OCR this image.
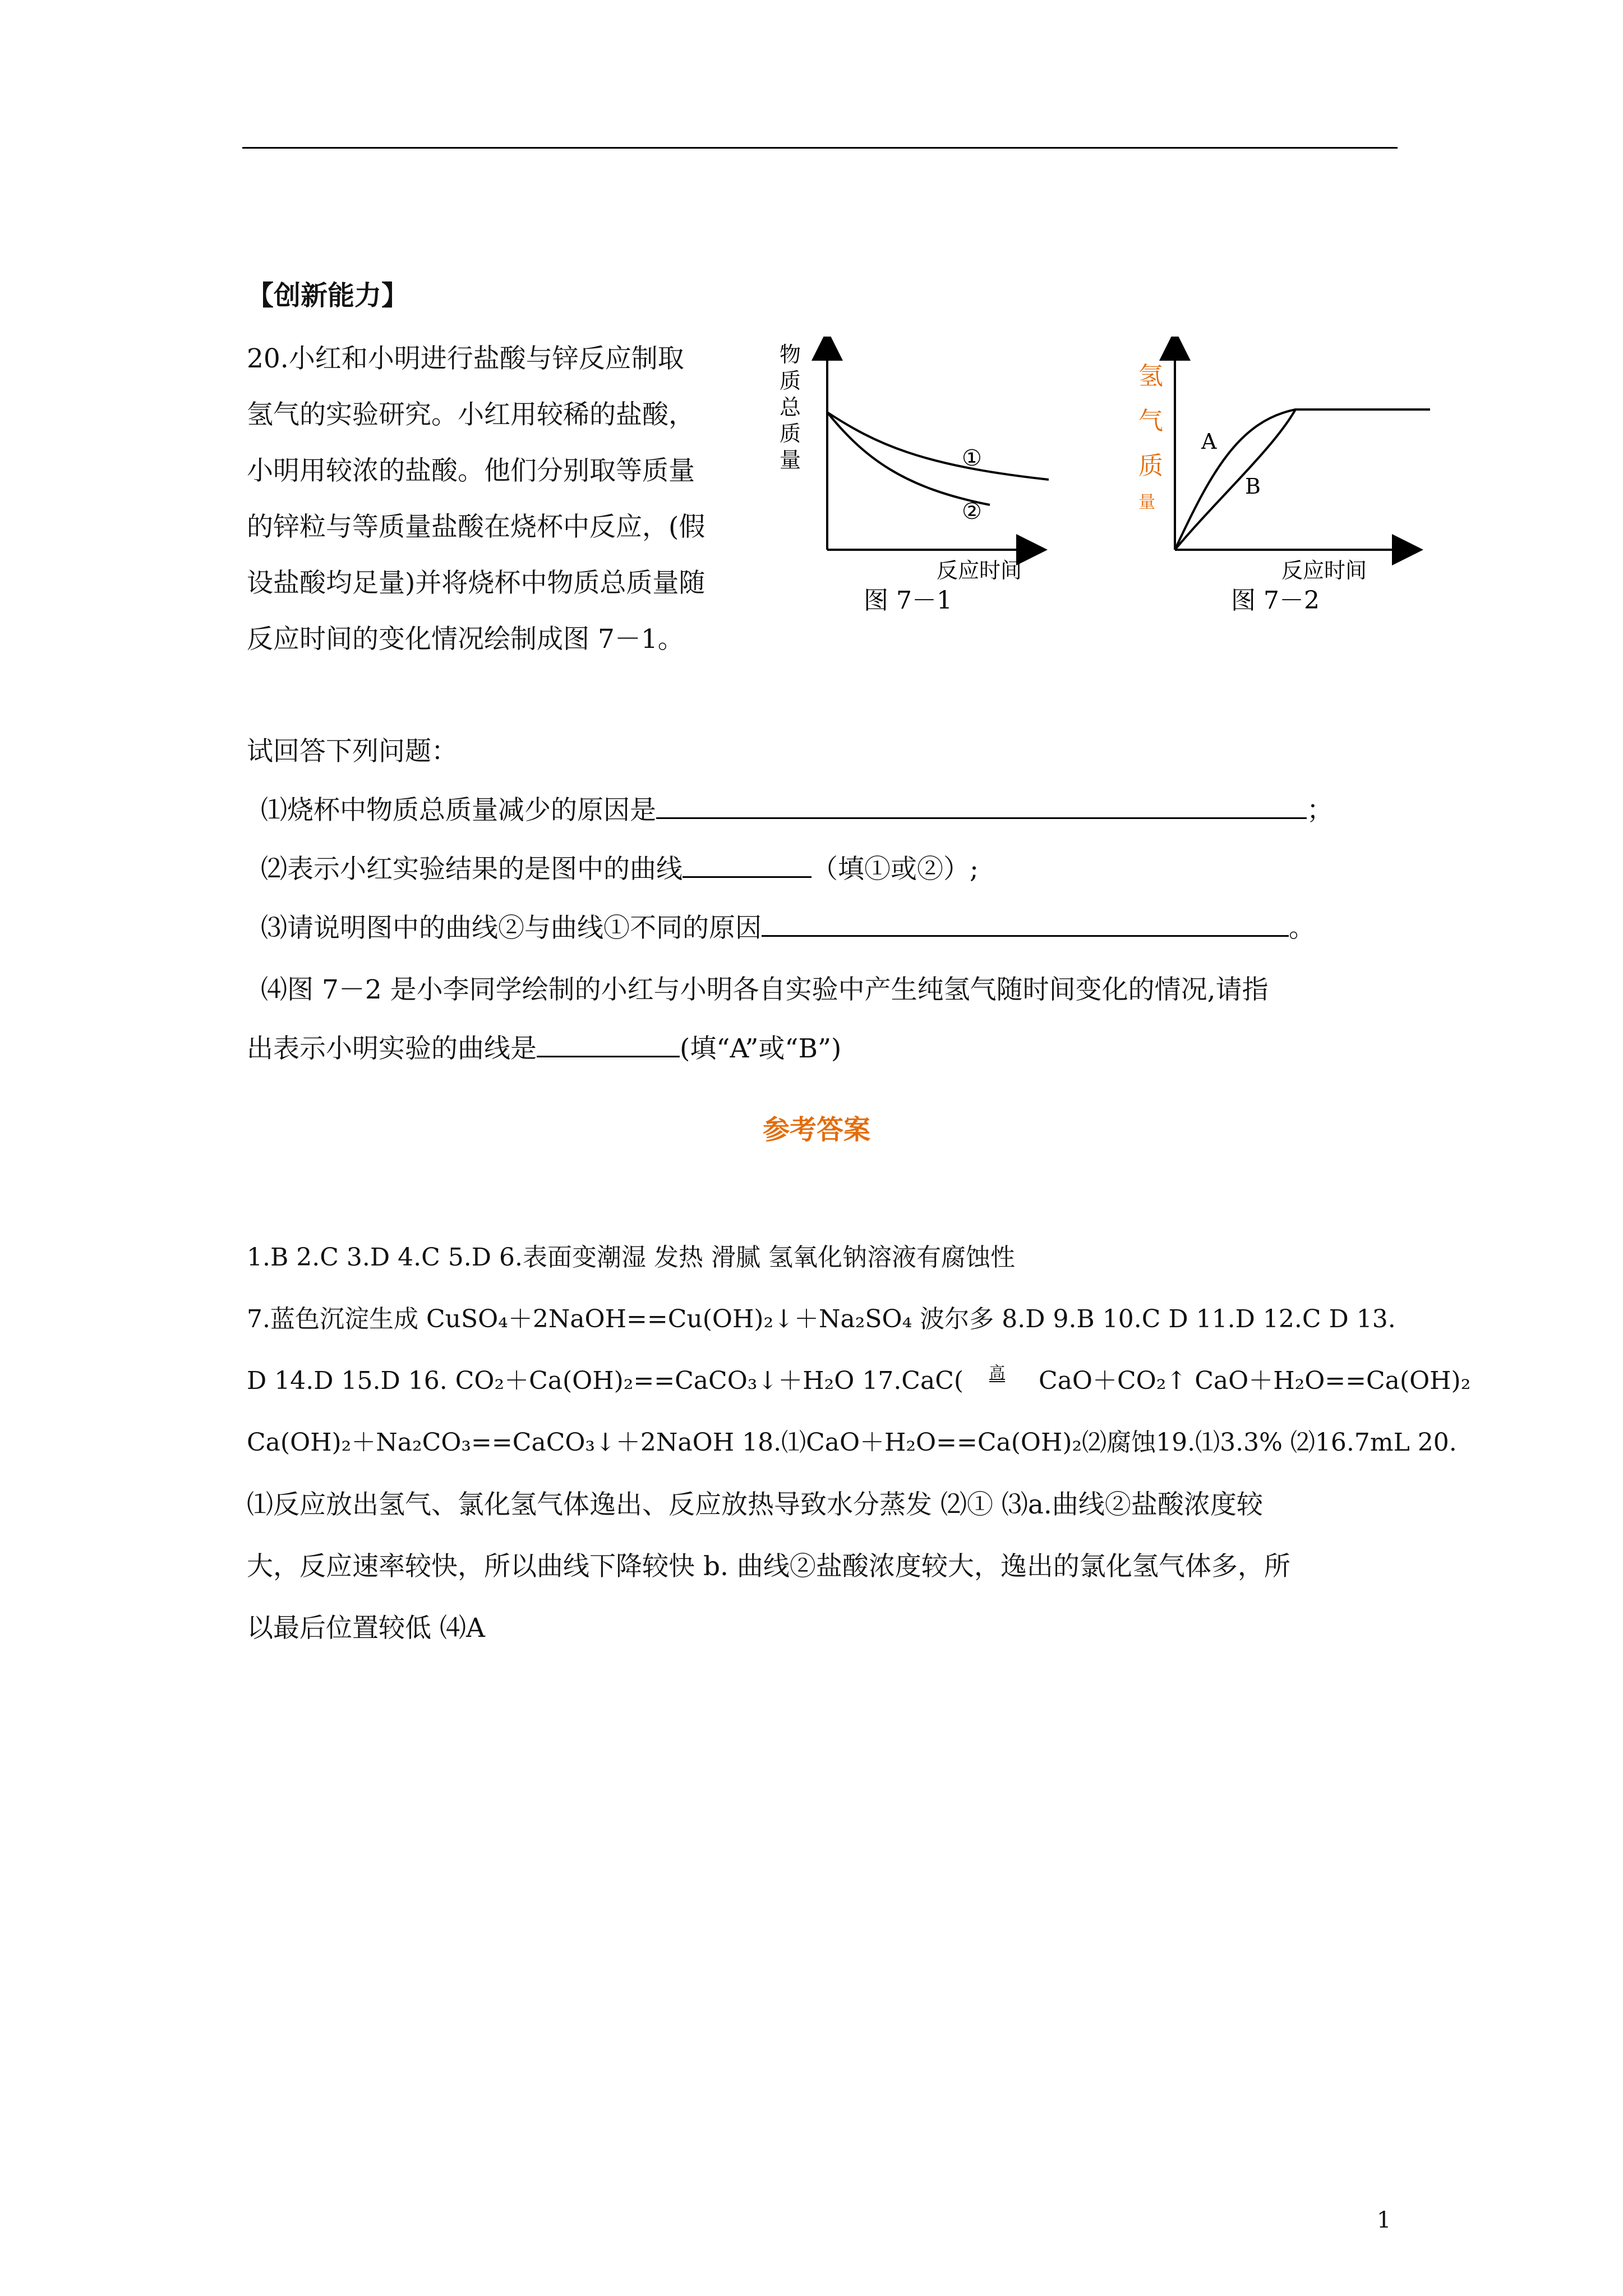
【创新能力】
20.小红和小明进行盐酸与锌反应制取
氢气的实验研究。小红用较稀的盐酸，
小明用较浓的盐酸。他们分别取等质量
的锌粒与等质量盐酸在烧杯中反应，(假
设盐酸均足量)并将烧杯中物质总质量随
反应时间的变化情况绘制成图 7－1。
物
质
总
质
量	①
②
反应时间
图 7－1
氢
气
质
量
A
B
反应时间
图 7－2
试回答下列问题：
⑴烧杯中物质总质量减少的原因是	；
⑵表示小红实验结果的是图中的曲线	（填①或②）;
⑶请说明图中的曲线②与曲线①不同的原因	。
⑷图 7－2 是小李同学绘制的小红与小明各自实验中产生纯氢气随时间变化的情况,请指
出表示小明实验的曲线是	(填“A”或“B”)
参考答案
1.B 2.C 3.D 4.C 5.D 6.表面变潮湿 发热 滑腻 氢氧化钠溶液有腐蚀性
7.蓝色沉淀生成 CuSO₄＋2NaOH==Cu(OH)₂↓＋Na₂SO₄ 波尔多 8.D 9.B 10.C D 11.D 12.C D 13.
D 14.D 15.D 16. CO₂＋Ca(OH)₂==CaCO₃↓＋H₂O 17.CaC( 高 CaO＋CO₂↑ CaO＋H₂O==Ca(OH)₂
Ca(OH)₂＋Na₂CO₃==CaCO₃↓＋2NaOH 18.⑴CaO＋H₂O==Ca(OH)₂⑵腐蚀19.⑴3.3% ⑵16.7mL 20.
⑴反应放出氢气、氯化氢气体逸出、反应放热导致水分蒸发 ⑵① ⑶a.曲线②盐酸浓度较
大，反应速率较快，所以曲线下降较快 b. 曲线②盐酸浓度较大，逸出的氯化氢气体多，所
以最后位置较低 ⑷A
1
